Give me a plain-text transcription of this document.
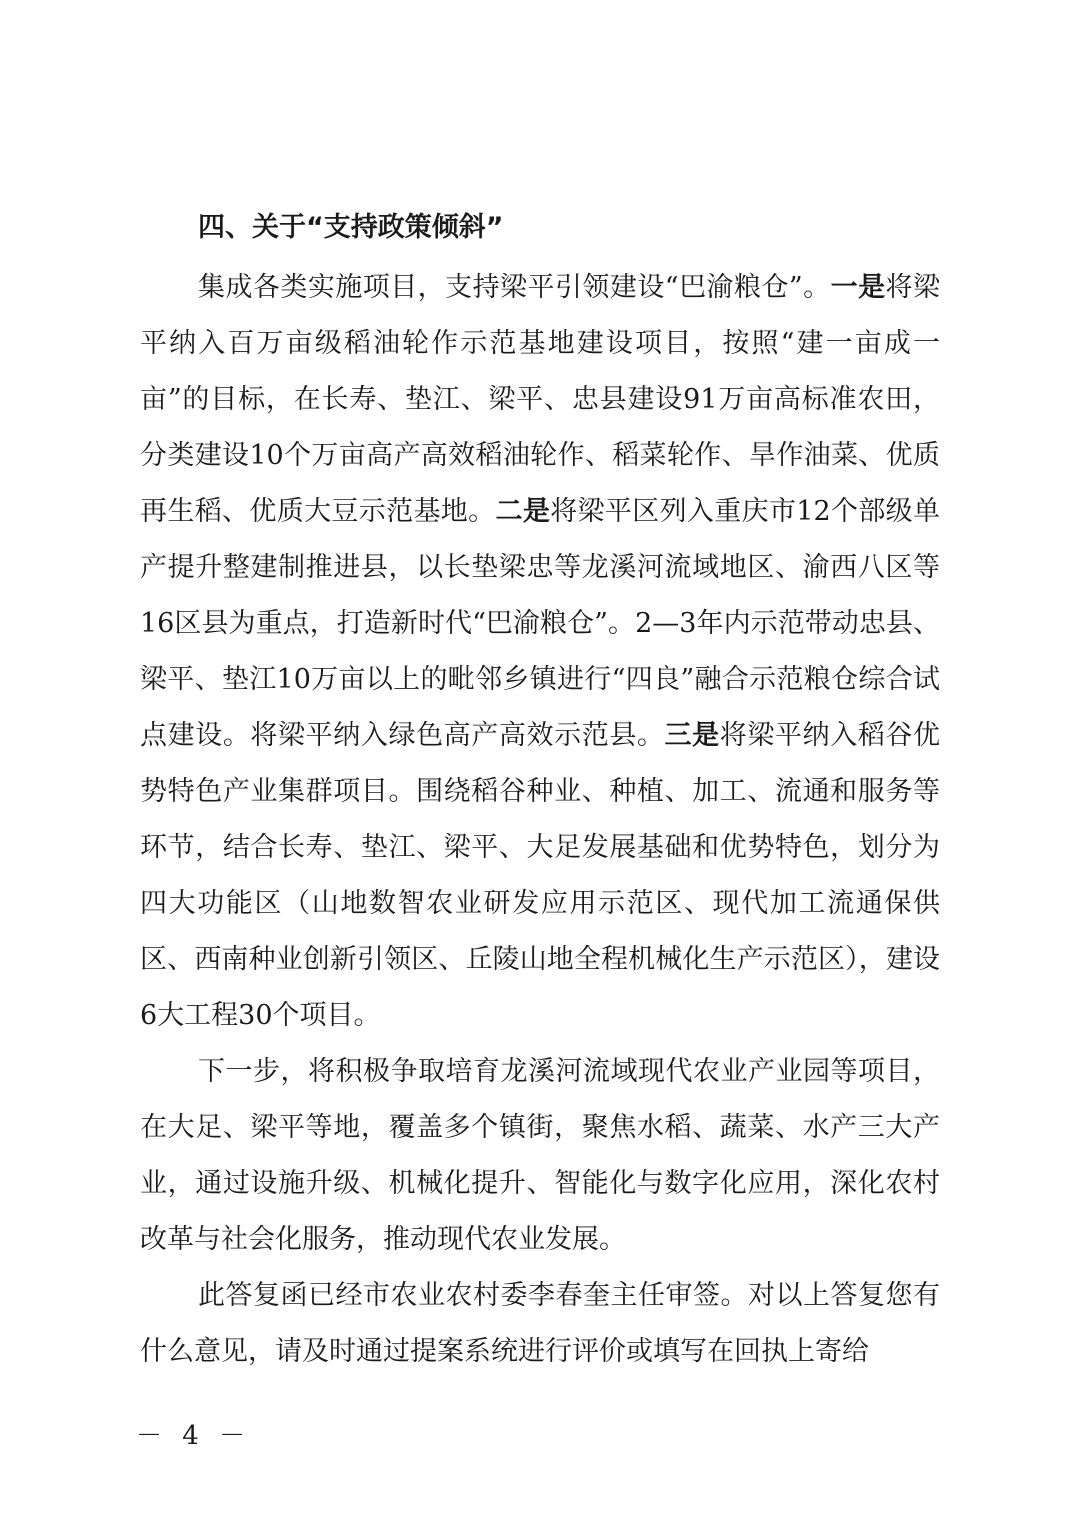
四、关于“支持政策倾斜”

集成各类实施项目，支持梁平引领建设“巴渝粮仓”。一是将梁平纳入百万亩级稻油轮作示范基地建设项目，按照“建一亩成一亩”的目标，在长寿、垫江、梁平、忠县建设91万亩高标准农田，分类建设10个万亩高产高效稻油轮作、稻菜轮作、旱作油菜、优质再生稻、优质大豆示范基地。二是将梁平区列入重庆市12个部级单产提升整建制推进县，以长垫梁忠等龙溪河流域地区、渝西八区等16区县为重点，打造新时代“巴渝粮仓”。2—3年内示范带动忠县、梁平、垫江10万亩以上的毗邻乡镇进行“四良”融合示范粮仓综合试点建设。将梁平纳入绿色高产高效示范县。三是将梁平纳入稻谷优势特色产业集群项目。围绕稻谷种业、种植、加工、流通和服务等环节，结合长寿、垫江、梁平、大足发展基础和优势特色，划分为四大功能区（山地数智农业研发应用示范区、现代加工流通保供区、西南种业创新引领区、丘陵山地全程机械化生产示范区），建设6大工程30个项目。

下一步，将积极争取培育龙溪河流域现代农业产业园等项目，在大足、梁平等地，覆盖多个镇街，聚焦水稻、蔬菜、水产三大产业，通过设施升级、机械化提升、智能化与数字化应用，深化农村改革与社会化服务，推动现代农业发展。

此答复函已经市农业农村委李春奎主任审签。对以上答复您有什么意见，请及时通过提案系统进行评价或填写在回执上寄给

－ 4 －
